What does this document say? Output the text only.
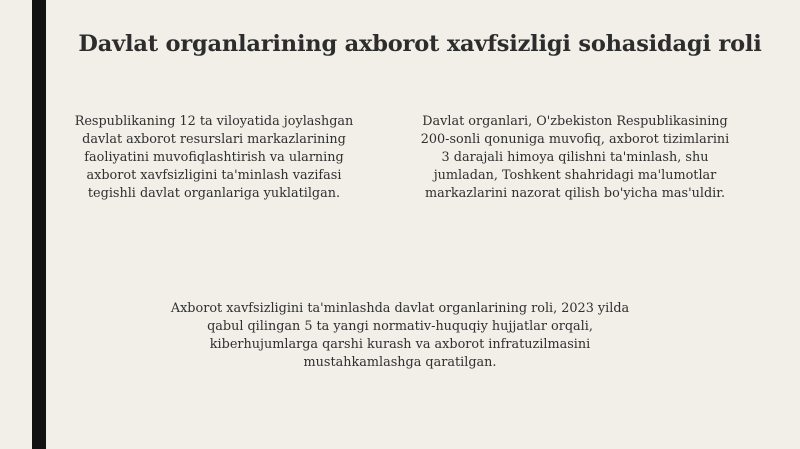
Davlat organlarining axborot xavfsizligi sohasidagi roli
Respublikaning 12 ta viloyatida joylashgan
davlat axborot resurslari markazlarining
faoliyatini muvofiqlashtirish va ularning
axborot xavfsizligini ta'minlash vazifasi
tegishli davlat organlariga yuklatilgan.
Davlat organlari, O'zbekiston Respublikasining
200-sonli qonuniga muvofiq, axborot tizimlarini
3 darajali himoya qilishni ta'minlash, shu
jumladan, Toshkent shahridagi ma'lumotlar
markazlarini nazorat qilish bo'yicha mas'uldir.
Axborot xavfsizligini ta'minlashda davlat organlarining roli, 2023 yilda
qabul qilingan 5 ta yangi normativ-huquqiy hujjatlar orqali,
kiberhujumlarga qarshi kurash va axborot infratuzilmasini
mustahkamlashga qaratilgan.
